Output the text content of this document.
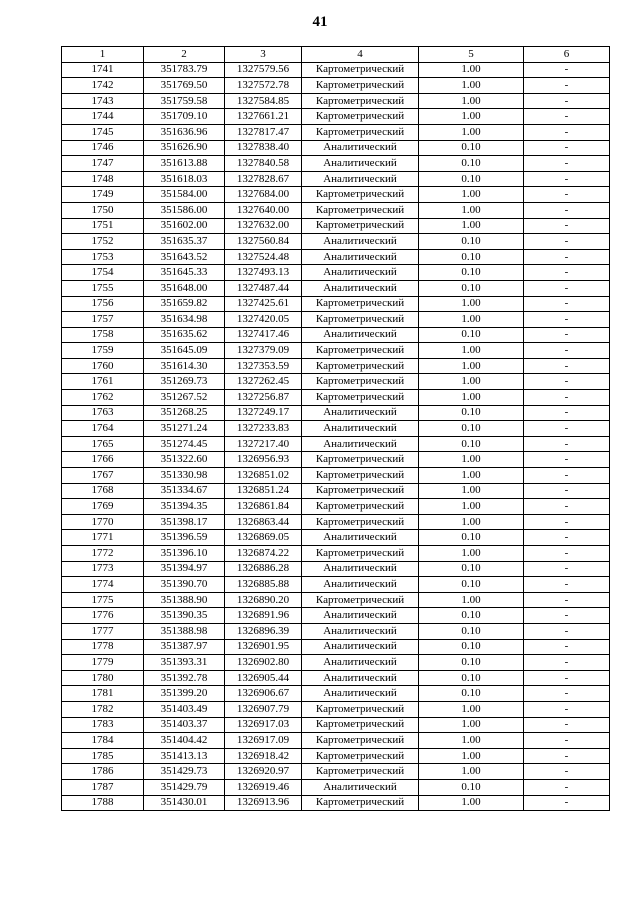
41
1	2	3	4	5	6
1741	351783.79	1327579.56	Картометрический	1.00	-
1742	351769.50	1327572.78	Картометрический	1.00	-
1743	351759.58	1327584.85	Картометрический	1.00	-
1744	351709.10	1327661.21	Картометрический	1.00	-
1745	351636.96	1327817.47	Картометрический	1.00	-
1746	351626.90	1327838.40	Аналитический	0.10	-
1747	351613.88	1327840.58	Аналитический	0.10	-
1748	351618.03	1327828.67	Аналитический	0.10	-
1749	351584.00	1327684.00	Картометрический	1.00	-
1750	351586.00	1327640.00	Картометрический	1.00	-
1751	351602.00	1327632.00	Картометрический	1.00	-
1752	351635.37	1327560.84	Аналитический	0.10	-
1753	351643.52	1327524.48	Аналитический	0.10	-
1754	351645.33	1327493.13	Аналитический	0.10	-
1755	351648.00	1327487.44	Аналитический	0.10	-
1756	351659.82	1327425.61	Картометрический	1.00	-
1757	351634.98	1327420.05	Картометрический	1.00	-
1758	351635.62	1327417.46	Аналитический	0.10	-
1759	351645.09	1327379.09	Картометрический	1.00	-
1760	351614.30	1327353.59	Картометрический	1.00	-
1761	351269.73	1327262.45	Картометрический	1.00	-
1762	351267.52	1327256.87	Картометрический	1.00	-
1763	351268.25	1327249.17	Аналитический	0.10	-
1764	351271.24	1327233.83	Аналитический	0.10	-
1765	351274.45	1327217.40	Аналитический	0.10	-
1766	351322.60	1326956.93	Картометрический	1.00	-
1767	351330.98	1326851.02	Картометрический	1.00	-
1768	351334.67	1326851.24	Картометрический	1.00	-
1769	351394.35	1326861.84	Картометрический	1.00	-
1770	351398.17	1326863.44	Картометрический	1.00	-
1771	351396.59	1326869.05	Аналитический	0.10	-
1772	351396.10	1326874.22	Картометрический	1.00	-
1773	351394.97	1326886.28	Аналитический	0.10	-
1774	351390.70	1326885.88	Аналитический	0.10	-
1775	351388.90	1326890.20	Картометрический	1.00	-
1776	351390.35	1326891.96	Аналитический	0.10	-
1777	351388.98	1326896.39	Аналитический	0.10	-
1778	351387.97	1326901.95	Аналитический	0.10	-
1779	351393.31	1326902.80	Аналитический	0.10	-
1780	351392.78	1326905.44	Аналитический	0.10	-
1781	351399.20	1326906.67	Аналитический	0.10	-
1782	351403.49	1326907.79	Картометрический	1.00	-
1783	351403.37	1326917.03	Картометрический	1.00	-
1784	351404.42	1326917.09	Картометрический	1.00	-
1785	351413.13	1326918.42	Картометрический	1.00	-
1786	351429.73	1326920.97	Картометрический	1.00	-
1787	351429.79	1326919.46	Аналитический	0.10	-
1788	351430.01	1326913.96	Картометрический	1.00	-
